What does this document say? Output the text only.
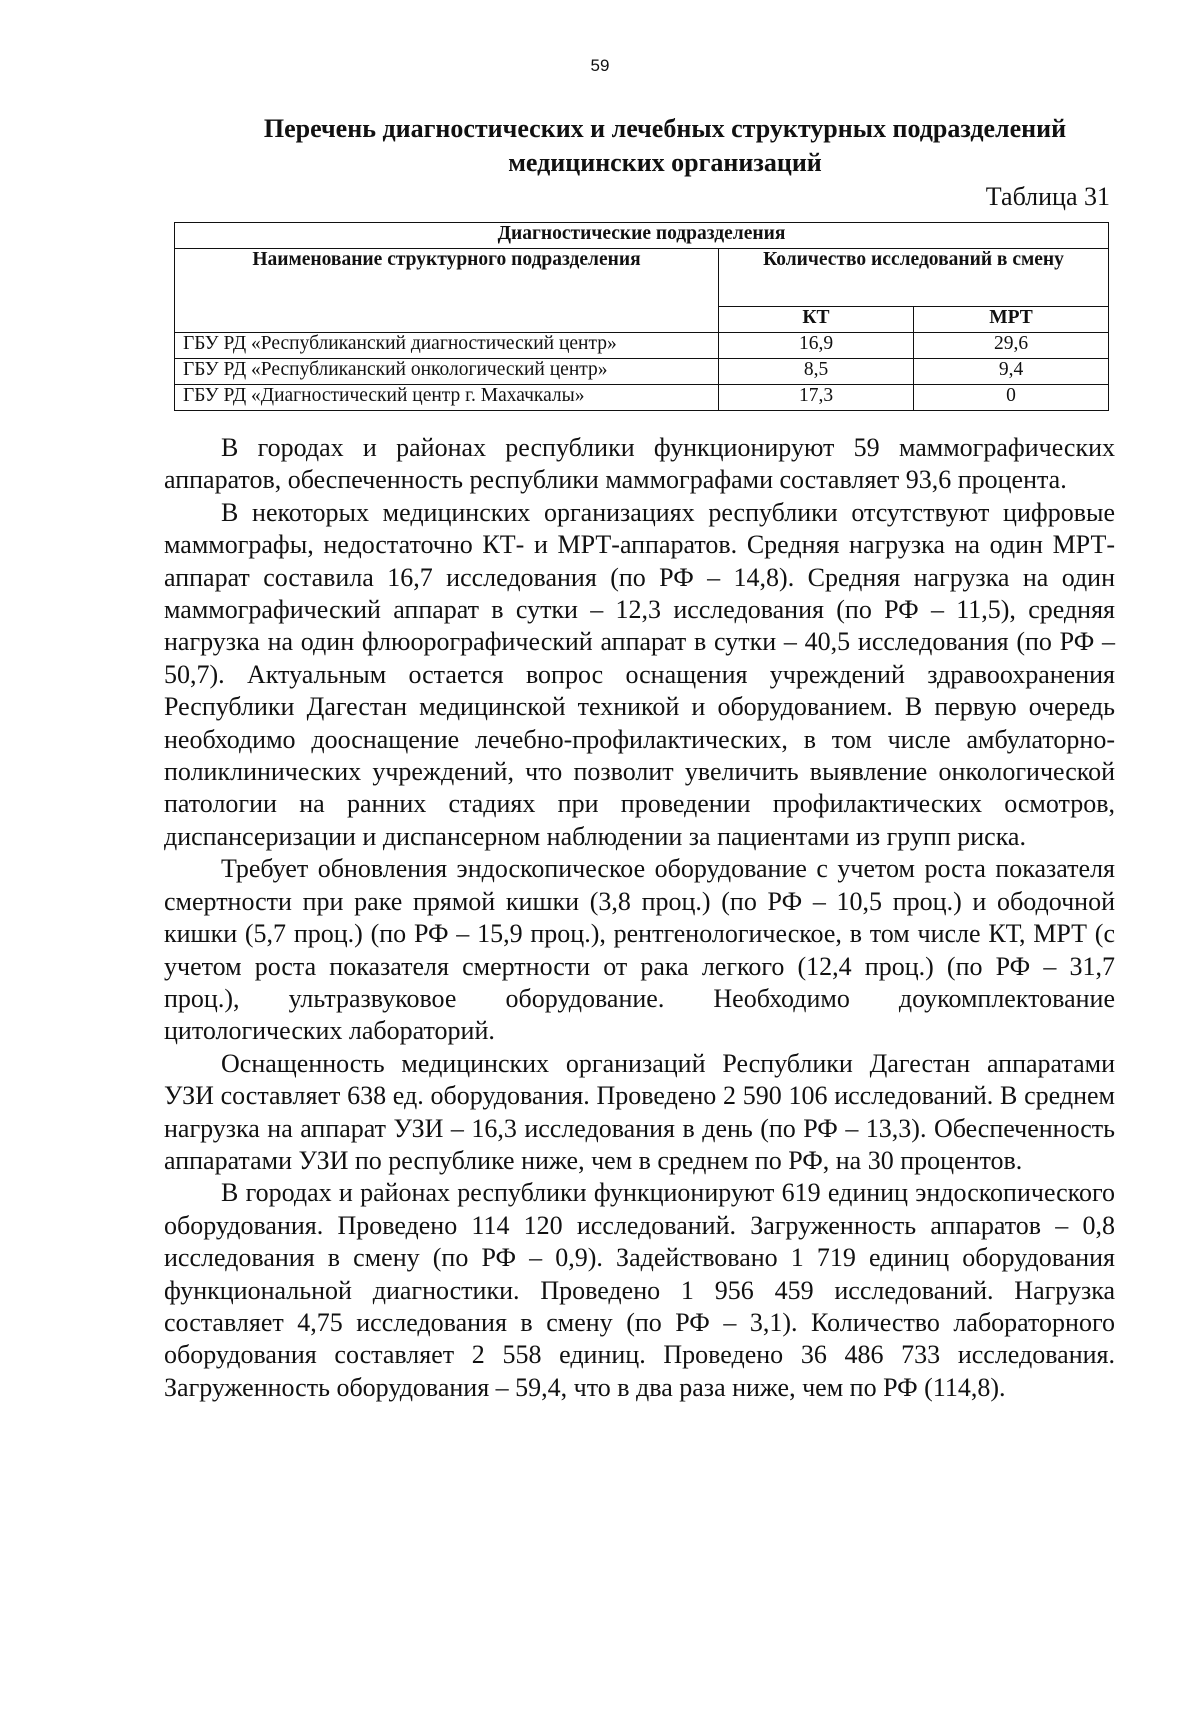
59
Перечень диагностических и лечебных структурных подразделений
медицинских организаций
Таблица 31
Диагностические подразделения		
Наименование структурного подразделения	Количество исследований в смену	
	КТ	МРТ
ГБУ РД «Республиканский диагностический центр»	16,9	29,6
ГБУ РД «Республиканский онкологический центр»	8,5	9,4
ГБУ РД «Диагностический центр г. Махачкалы»	17,3	0

В городах и районах республики функционируют 59 маммографических аппаратов, обеспеченность республики маммографами составляет 93,6 процента.

В некоторых медицинских организациях республики отсутствуют цифровые маммографы, недостаточно КТ- и МРТ-аппаратов. Средняя нагрузка на один МРТ-аппарат составила 16,7 исследования (по РФ – 14,8). Средняя нагрузка на один маммографический аппарат в сутки – 12,3 исследования (по РФ – 11,5), средняя нагрузка на один флюорографический аппарат в сутки – 40,5 исследования (по РФ – 50,7). Актуальным остается вопрос оснащения учреждений здравоохранения Республики Дагестан медицинской техникой и оборудованием. В первую очередь необходимо дооснащение лечебно-профилактических, в том числе амбулаторно-поликлинических учреждений, что позволит увеличить выявление онкологической патологии на ранних стадиях при проведении профилактических осмотров, диспансеризации и диспансерном наблюдении за пациентами из групп риска.

Требует обновления эндоскопическое оборудование с учетом роста показателя смертности при раке прямой кишки (3,8 проц.) (по РФ – 10,5 проц.) и ободочной кишки (5,7 проц.) (по РФ – 15,9 проц.), рентгенологическое, в том числе КТ, МРТ (с учетом роста показателя смертности от рака легкого (12,4 проц.) (по РФ – 31,7 проц.), ультразвуковое оборудование. Необходимо доукомплектование цитологических лабораторий.

Оснащенность медицинских организаций Республики Дагестан аппаратами УЗИ составляет 638 ед. оборудования. Проведено 2 590 106 исследований. В среднем нагрузка на аппарат УЗИ – 16,3 исследования в день (по РФ – 13,3). Обеспеченность аппаратами УЗИ по республике ниже, чем в среднем по РФ, на 30 процентов.

В городах и районах республики функционируют 619 единиц эндоскопического оборудования. Проведено 114 120 исследований. Загруженность аппаратов – 0,8 исследования в смену (по РФ – 0,9). Задействовано 1 719 единиц оборудования функциональной диагностики. Проведено 1 956 459 исследований. Нагрузка составляет 4,75 исследования в смену (по РФ – 3,1). Количество лабораторного оборудования составляет 2 558 единиц. Проведено 36 486 733 исследования. Загруженность оборудования – 59,4, что в два раза ниже, чем по РФ (114,8).
